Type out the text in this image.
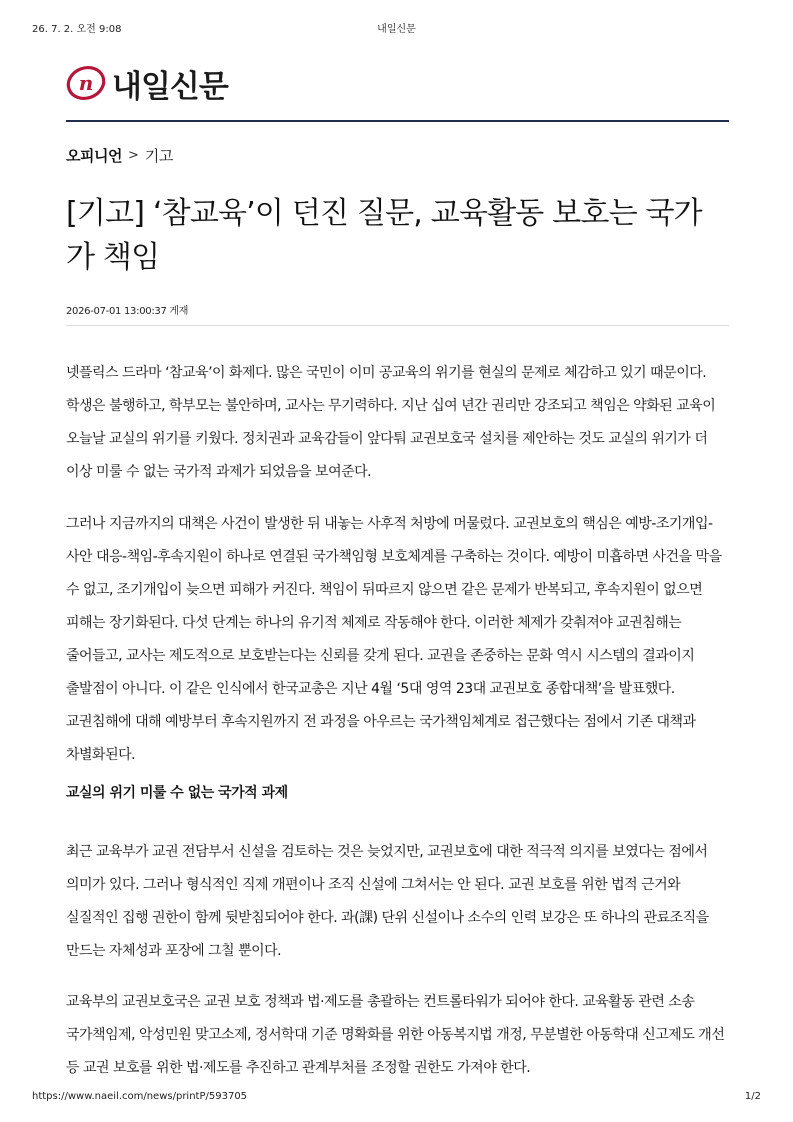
26. 7. 2. 오전 9:08	내일신문
n 내일신문
오피니언 > 기고
[기고] ‘참교육’이 던진 질문, 교육활동 보호는 국가가 책임
2026-07-01 13:00:37 게재

넷플릭스 드라마 ‘참교육’이 화제다. 많은 국민이 이미 공교육의 위기를 현실의 문제로 체감하고 있기 때문이다. 학생은 불행하고, 학부모는 불안하며, 교사는 무기력하다. 지난 십여 년간 권리만 강조되고 책임은 약화된 교육이 오늘날 교실의 위기를 키웠다. 정치권과 교육감들이 앞다퉈 교권보호국 설치를 제안하는 것도 교실의 위기가 더 이상 미룰 수 없는 국가적 과제가 되었음을 보여준다.

그러나 지금까지의 대책은 사건이 발생한 뒤 내놓는 사후적 처방에 머물렀다. 교권보호의 핵심은 예방-조기개입-사안 대응-책임-후속지원이 하나로 연결된 국가책임형 보호체계를 구축하는 것이다. 예방이 미흡하면 사건을 막을 수 없고, 조기개입이 늦으면 피해가 커진다. 책임이 뒤따르지 않으면 같은 문제가 반복되고, 후속지원이 없으면 피해는 장기화된다. 다섯 단계는 하나의 유기적 체제로 작동해야 한다. 이러한 체제가 갖춰져야 교권침해는 줄어들고, 교사는 제도적으로 보호받는다는 신뢰를 갖게 된다. 교권을 존중하는 문화 역시 시스템의 결과이지 출발점이 아니다. 이 같은 인식에서 한국교총은 지난 4월 ‘5대 영역 23대 교권보호 종합대책’을 발표했다. 교권침해에 대해 예방부터 후속지원까지 전 과정을 아우르는 국가책임체계로 접근했다는 점에서 기존 대책과 차별화된다.

교실의 위기 미룰 수 없는 국가적 과제

최근 교육부가 교권 전담부서 신설을 검토하는 것은 늦었지만, 교권보호에 대한 적극적 의지를 보였다는 점에서 의미가 있다. 그러나 형식적인 직제 개편이나 조직 신설에 그쳐서는 안 된다. 교권 보호를 위한 법적 근거와 실질적인 집행 권한이 함께 뒷받침되어야 한다. 과(課) 단위 신설이나 소수의 인력 보강은 또 하나의 관료조직을 만드는 자체성과 포장에 그칠 뿐이다.

교육부의 교권보호국은 교권 보호 정책과 법·제도를 총괄하는 컨트롤타워가 되어야 한다. 교육활동 관련 소송 국가책임제, 악성민원 맞고소제, 정서학대 기준 명확화를 위한 아동복지법 개정, 무분별한 아동학대 신고제도 개선 등 교권 보호를 위한 법·제도를 추진하고 관계부처를 조정할 권한도 가져야 한다.

https://www.naeil.com/news/printP/593705	1/2
